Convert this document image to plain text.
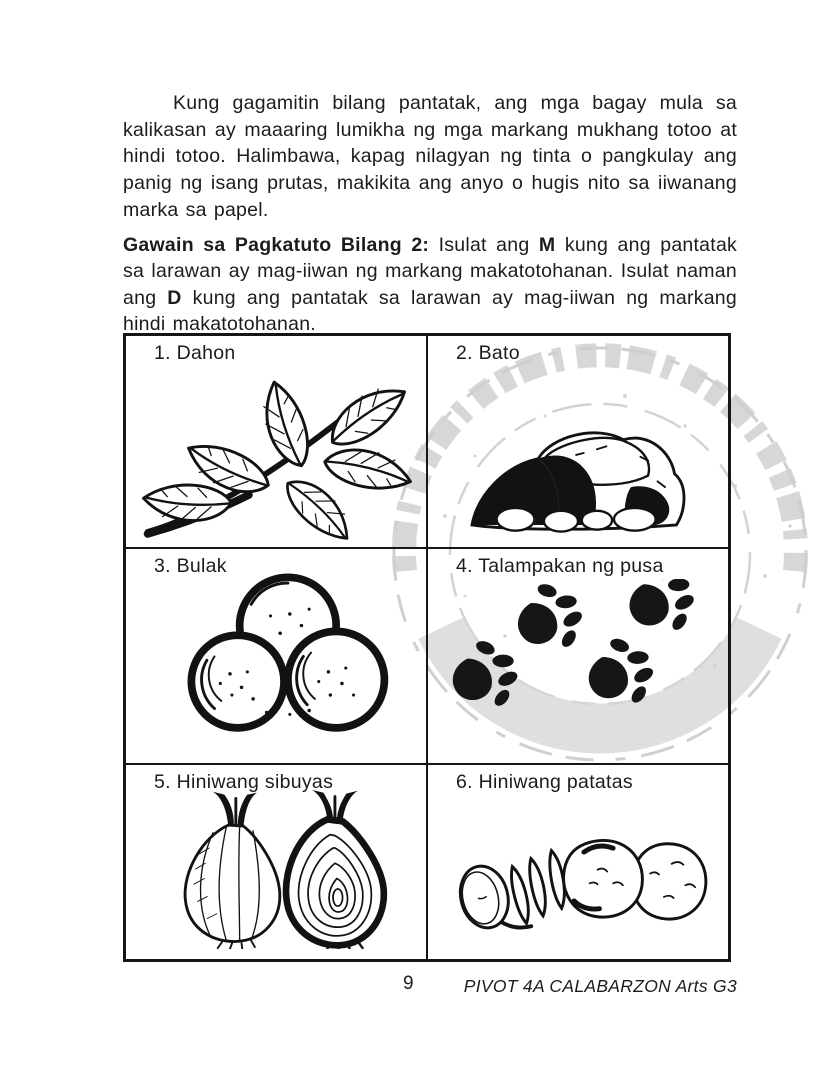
Kung gagamitin bilang pantatak, ang mga bagay mula sa kalikasan ay maaaring lumikha ng mga markang mukhang totoo at hindi totoo. Halimbawa, kapag nilagyan ng tinta o pangkulay ang panig ng isang prutas, makikita ang anyo o hugis nito sa iiwanang marka sa papel.

Gawain sa Pagkatuto Bilang 2: Isulat ang M kung ang pantatak sa larawan ay mag-iiwan ng markang makatotohanan. Isulat naman ang D kung ang pantatak sa larawan ay mag-iiwan ng markang hindi makatotohanan.

1. Dahon	2. Bato
3. Bulak	4. Talampakan ng pusa
5. Hiniwang sibuyas	6. Hiniwang patatas
9	PIVOT 4A CALABARZON Arts G3
